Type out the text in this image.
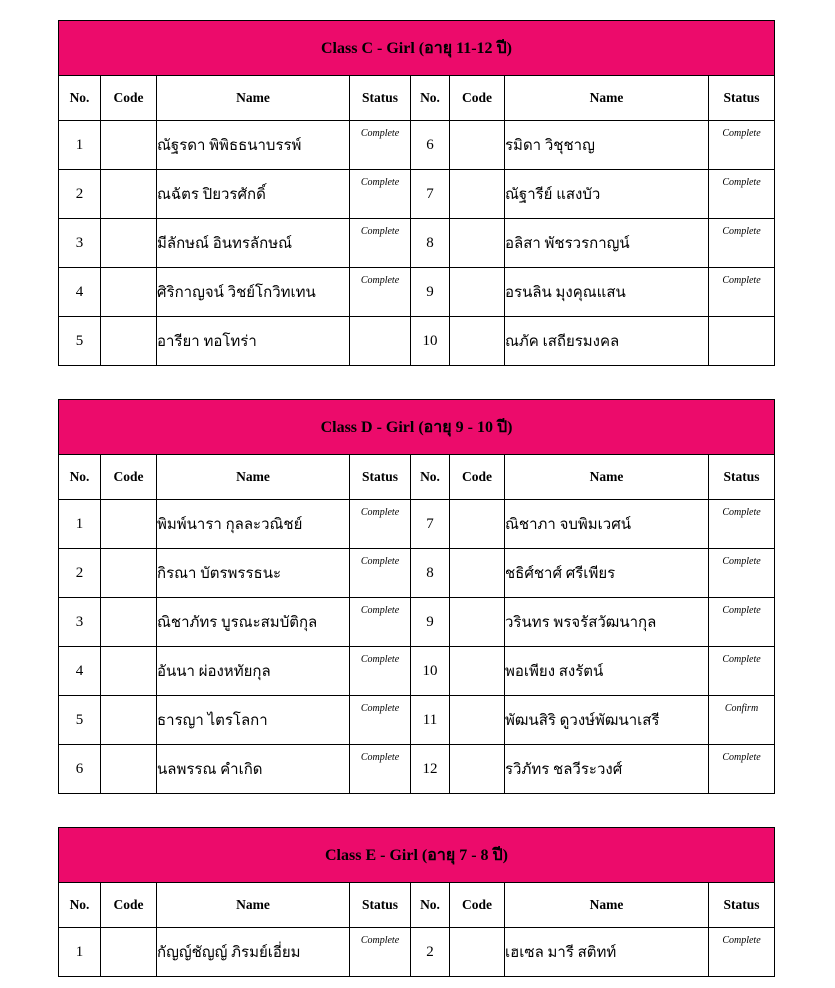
Class C - Girl (อายุ 11-12 ปี)							
No.	Code	Name	Status	No.	Code	Name	Status
1		ณัฐรดา พิพิธธนาบรรพ์	Complete	6		รมิดา วิชุชาญ	Complete

2		ณฉัตร ปิยวรศักดิ์	Complete	7		ณัฐารีย์ แสงบัว	Complete

3		มีลักษณ์ อินทรลักษณ์	Complete	8		อลิสา พัชรวรกาญน์	Complete

4		ศิริกาญจน์ วิชย์โกวิทเทน	Complete	9		อรนลิน มุงคุณแสน	Complete

5		อารียา ทอโทร่า		10		ณภัค เสถียรมงคล	
Class D - Girl (อายุ 9 - 10 ปี)							
No.	Code	Name	Status	No.	Code	Name	Status
1		พิมพ์นารา กุลละวณิชย์	Complete	7		ณิชาภา จบพิมเวศน์	Complete

2		กิรณา บัตรพรรธนะ	Complete	8		ชธิศ์ชาศ์ ศรีเพียร	Complete

3		ณิชาภัทร บูรณะสมบัติกุล	Complete	9		วรินทร พรจรัสวัฒนากุล	Complete

4		อันนา ผ่องหทัยกุล	Complete	10		พอเพียง สงรัตน์	Complete

5		ธารญา ไตรโลกา	Complete	11		พัฒนสิริ ดูวงษ์พัฒนาเสรี	Confirm

6		นลพรรณ คำเกิด	Complete	12		รวิภัทร ชลวีระวงศ์	Complete
Class E - Girl (อายุ 7 - 8 ปี)							
No.	Code	Name	Status	No.	Code	Name	Status
1		กัญญ์ชัญญ์ ภิรมย์เอี่ยม	Complete	2		เฮเซล มารี สติทท์	Complete
